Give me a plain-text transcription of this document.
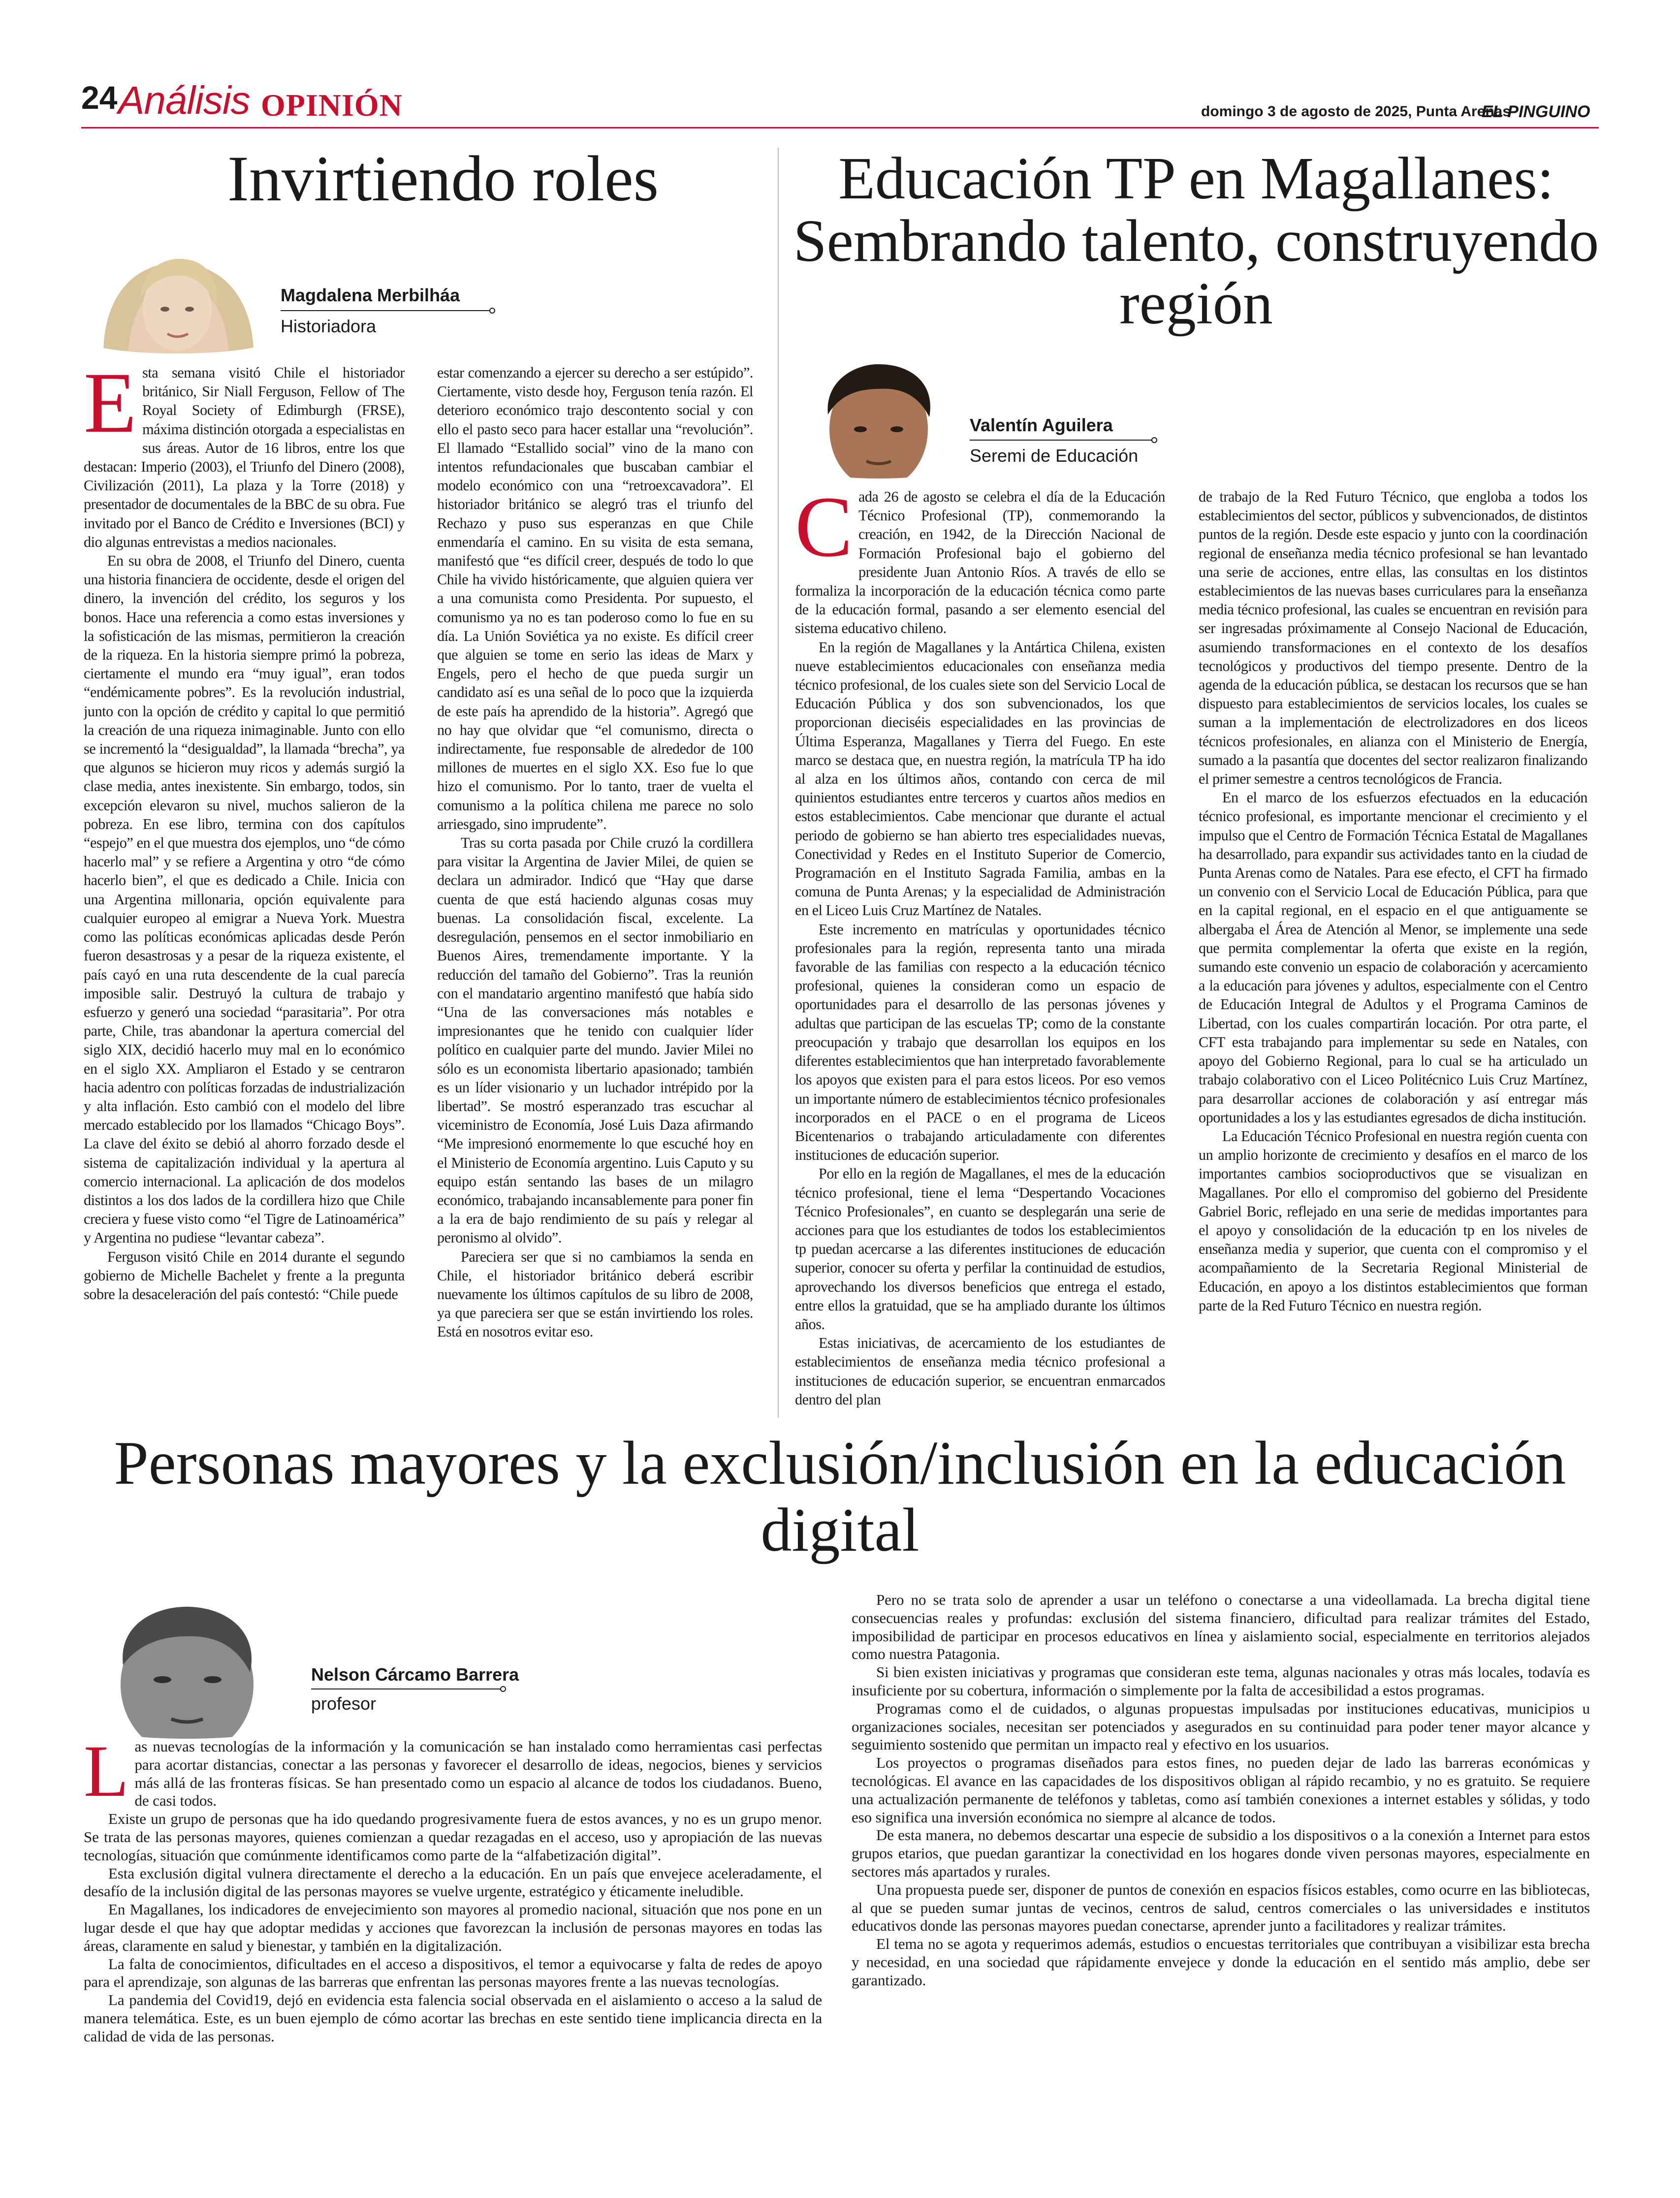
24 Análisis OPINIÓN	domingo 3 de agosto de 2025, Punta Arenas
EL PINGUINO
Invirtiendo roles
Magdalena Merbilháa
Historiadora

Esta semana visitó Chile el historiador británico, Sir Niall Ferguson, Fellow of The Royal Society of Edimburgh (FRSE), máxima distinción otorgada a especialistas en sus áreas. Autor de 16 libros, entre los que destacan: Imperio (2003), el Triunfo del Dinero (2008), Civilización (2011), La plaza y la Torre (2018) y presentador de documentales de la BBC de su obra. Fue invitado por el Banco de Crédito e Inversiones (BCI) y dio algunas entrevistas a medios nacionales.

En su obra de 2008, el Triunfo del Dinero, cuenta una historia financiera de occidente, desde el origen del dinero, la invención del crédito, los seguros y los bonos. Hace una referencia a como estas inversiones y la sofisticación de las mismas, permitieron la creación de la riqueza. En la historia siempre primó la pobreza, ciertamente el mundo era “muy igual”, eran todos “endémicamente pobres”. Es la revolución industrial, junto con la opción de crédito y capital lo que permitió la creación de una riqueza inimaginable. Junto con ello se incrementó la “desigualdad”, la llamada “brecha”, ya que algunos se hicieron muy ricos y además surgió la clase media, antes inexistente. Sin embargo, todos, sin excepción elevaron su nivel, muchos salieron de la pobreza. En ese libro, termina con dos capítulos “espejo” en el que muestra dos ejemplos, uno “de cómo hacerlo mal” y se refiere a Argentina y otro “de cómo hacerlo bien”, el que es dedicado a Chile. Inicia con una Argentina millonaria, opción equivalente para cualquier europeo al emigrar a Nueva York. Muestra como las políticas económicas aplicadas desde Perón fueron desastrosas y a pesar de la riqueza existente, el país cayó en una ruta descendente de la cual parecía imposible salir. Destruyó la cultura de trabajo y esfuerzo y generó una sociedad “parasitaria”. Por otra parte, Chile, tras abandonar la apertura comercial del siglo XIX, decidió hacerlo muy mal en lo económico en el siglo XX. Ampliaron el Estado y se centraron hacia adentro con políticas forzadas de industrialización y alta inflación. Esto cambió con el modelo del libre mercado establecido por los llamados “Chicago Boys”. La clave del éxito se debió al ahorro forzado desde el sistema de capitalización individual y la apertura al comercio internacional. La aplicación de dos modelos distintos a los dos lados de la cordillera hizo que Chile creciera y fuese visto como “el Tigre de Latinoamérica” y Argentina no pudiese “levantar cabeza”.

Ferguson visitó Chile en 2014 durante el segundo gobierno de Michelle Bachelet y frente a la pregunta sobre la desaceleración del país contestó: “Chile puede

estar comenzando a ejercer su derecho a ser estúpido”. Ciertamente, visto desde hoy, Ferguson tenía razón. El deterioro económico trajo descontento social y con ello el pasto seco para hacer estallar una “revolución”. El llamado “Estallido social” vino de la mano con intentos refundacionales que buscaban cambiar el modelo económico con una “retroexcavadora”. El historiador británico se alegró tras el triunfo del Rechazo y puso sus esperanzas en que Chile enmendaría el camino. En su visita de esta semana, manifestó que “es difícil creer, después de todo lo que Chile ha vivido históricamente, que alguien quiera ver a una comunista como Presidenta. Por supuesto, el comunismo ya no es tan poderoso como lo fue en su día. La Unión Soviética ya no existe. Es difícil creer que alguien se tome en serio las ideas de Marx y Engels, pero el hecho de que pueda surgir un candidato así es una señal de lo poco que la izquierda de este país ha aprendido de la historia”. Agregó que no hay que olvidar que “el comunismo, directa o indirectamente, fue responsable de alrededor de 100 millones de muertes en el siglo XX. Eso fue lo que hizo el comunismo. Por lo tanto, traer de vuelta el comunismo a la política chilena me parece no solo arriesgado, sino imprudente”.

Tras su corta pasada por Chile cruzó la cordillera para visitar la Argentina de Javier Milei, de quien se declara un admirador. Indicó que “Hay que darse cuenta de que está haciendo algunas cosas muy buenas. La consolidación fiscal, excelente. La desregulación, pensemos en el sector inmobiliario en Buenos Aires, tremendamente importante. Y la reducción del tamaño del Gobierno”. Tras la reunión con el mandatario argentino manifestó que había sido “Una de las conversaciones más notables e impresionantes que he tenido con cualquier líder político en cualquier parte del mundo. Javier Milei no sólo es un economista libertario apasionado; también es un líder visionario y un luchador intrépido por la libertad”. Se mostró esperanzado tras escuchar al viceministro de Economía, José Luis Daza afirmando “Me impresionó enormemente lo que escuché hoy en el Ministerio de Economía argentino. Luis Caputo y su equipo están sentando las bases de un milagro económico, trabajando incansablemente para poner fin a la era de bajo rendimiento de su país y relegar al peronismo al olvido”.

Pareciera ser que si no cambiamos la senda en Chile, el historiador británico deberá escribir nuevamente los últimos capítulos de su libro de 2008, ya que pareciera ser que se están invirtiendo los roles. Está en nosotros evitar eso.

Educación TP en Magallanes: Sembrando talento, construyendo región
Valentín Aguilera
Seremi de Educación

Cada 26 de agosto se celebra el día de la Educación Técnico Profesional (TP), conmemorando la creación, en 1942, de la Dirección Nacional de Formación Profesional bajo el gobierno del presidente Juan Antonio Ríos. A través de ello se formaliza la incorporación de la educación técnica como parte de la educación formal, pasando a ser elemento esencial del sistema educativo chileno.

En la región de Magallanes y la Antártica Chilena, existen nueve establecimientos educacionales con enseñanza media técnico profesional, de los cuales siete son del Servicio Local de Educación Pública y dos son subvencionados, los que proporcionan dieciséis especialidades en las provincias de Última Esperanza, Magallanes y Tierra del Fuego. En este marco se destaca que, en nuestra región, la matrícula TP ha ido al alza en los últimos años, contando con cerca de mil quinientos estudiantes entre terceros y cuartos años medios en estos establecimientos. Cabe mencionar que durante el actual periodo de gobierno se han abierto tres especialidades nuevas, Conectividad y Redes en el Instituto Superior de Comercio, Programación en el Instituto Sagrada Familia, ambas en la comuna de Punta Arenas; y la especialidad de Administración en el Liceo Luis Cruz Martínez de Natales.

Este incremento en matrículas y oportunidades técnico profesionales para la región, representa tanto una mirada favorable de las familias con respecto a la educación técnico profesional, quienes la consideran como un espacio de oportunidades para el desarrollo de las personas jóvenes y adultas que participan de las escuelas TP; como de la constante preocupación y trabajo que desarrollan los equipos en los diferentes establecimientos que han interpretado favorablemente los apoyos que existen para el para estos liceos. Por eso vemos un importante número de establecimientos técnico profesionales incorporados en el PACE o en el programa de Liceos Bicentenarios o trabajando articuladamente con diferentes instituciones de educación superior.

Por ello en la región de Magallanes, el mes de la educación técnico profesional, tiene el lema “Despertando Vocaciones Técnico Profesionales”, en cuanto se desplegarán una serie de acciones para que los estudiantes de todos los establecimientos tp puedan acercarse a las diferentes instituciones de educación superior, conocer su oferta y perfilar la continuidad de estudios, aprovechando los diversos beneficios que entrega el estado, entre ellos la gratuidad, que se ha ampliado durante los últimos años.

Estas iniciativas, de acercamiento de los estudiantes de establecimientos de enseñanza media técnico profesional a instituciones de educación superior, se encuentran enmarcados dentro del plan

de trabajo de la Red Futuro Técnico, que engloba a todos los establecimientos del sector, públicos y subvencionados, de distintos puntos de la región. Desde este espacio y junto con la coordinación regional de enseñanza media técnico profesional se han levantado una serie de acciones, entre ellas, las consultas en los distintos establecimientos de las nuevas bases curriculares para la enseñanza media técnico profesional, las cuales se encuentran en revisión para ser ingresadas próximamente al Consejo Nacional de Educación, asumiendo transformaciones en el contexto de los desafíos tecnológicos y productivos del tiempo presente. Dentro de la agenda de la educación pública, se destacan los recursos que se han dispuesto para establecimientos de servicios locales, los cuales se suman a la implementación de electrolizadores en dos liceos técnicos profesionales, en alianza con el Ministerio de Energía, sumado a la pasantía que docentes del sector realizaron finalizando el primer semestre a centros tecnológicos de Francia.

En el marco de los esfuerzos efectuados en la educación técnico profesional, es importante mencionar el crecimiento y el impulso que el Centro de Formación Técnica Estatal de Magallanes ha desarrollado, para expandir sus actividades tanto en la ciudad de Punta Arenas como de Natales. Para ese efecto, el CFT ha firmado un convenio con el Servicio Local de Educación Pública, para que en la capital regional, en el espacio en el que antiguamente se albergaba el Área de Atención al Menor, se implemente una sede que permita complementar la oferta que existe en la región, sumando este convenio un espacio de colaboración y acercamiento a la educación para jóvenes y adultos, especialmente con el Centro de Educación Integral de Adultos y el Programa Caminos de Libertad, con los cuales compartirán locación. Por otra parte, el CFT esta trabajando para implementar su sede en Natales, con apoyo del Gobierno Regional, para lo cual se ha articulado un trabajo colaborativo con el Liceo Politécnico Luis Cruz Martínez, para desarrollar acciones de colaboración y así entregar más oportunidades a los y las estudiantes egresados de dicha institución.

La Educación Técnico Profesional en nuestra región cuenta con un amplio horizonte de crecimiento y desafíos en el marco de los importantes cambios socioproductivos que se visualizan en Magallanes. Por ello el compromiso del gobierno del Presidente Gabriel Boric, reflejado en una serie de medidas importantes para el apoyo y consolidación de la educación tp en los niveles de enseñanza media y superior, que cuenta con el compromiso y el acompañamiento de la Secretaria Regional Ministerial de Educación, en apoyo a los distintos establecimientos que forman parte de la Red Futuro Técnico en nuestra región.

Personas mayores y la exclusión/inclusión en la educación digital
Nelson Cárcamo Barrera
profesor

Las nuevas tecnologías de la información y la comunicación se han instalado como herramientas casi perfectas para acortar distancias, conectar a las personas y favorecer el desarrollo de ideas, negocios, bienes y servicios más allá de las fronteras físicas. Se han presentado como un espacio al alcance de todos los ciudadanos. Bueno, de casi todos.

Existe un grupo de personas que ha ido quedando progresivamente fuera de estos avances, y no es un grupo menor. Se trata de las personas mayores, quienes comienzan a quedar rezagadas en el acceso, uso y apropiación de las nuevas tecnologías, situación que comúnmente identificamos como parte de la “alfabetización digital”.

Esta exclusión digital vulnera directamente el derecho a la educación. En un país que envejece aceleradamente, el desafío de la inclusión digital de las personas mayores se vuelve urgente, estratégico y éticamente ineludible.

En Magallanes, los indicadores de envejecimiento son mayores al promedio nacional, situación que nos pone en un lugar desde el que hay que adoptar medidas y acciones que favorezcan la inclusión de personas mayores en todas las áreas, claramente en salud y bienestar, y también en la digitalización.

La falta de conocimientos, dificultades en el acceso a dispositivos, el temor a equivocarse y falta de redes de apoyo para el aprendizaje, son algunas de las barreras que enfrentan las personas mayores frente a las nuevas tecnologías.

La pandemia del Covid19, dejó en evidencia esta falencia social observada en el aislamiento o acceso a la salud de manera telemática. Este, es un buen ejemplo de cómo acortar las brechas en este sentido tiene implicancia directa en la calidad de vida de las personas.

Pero no se trata solo de aprender a usar un teléfono o conectarse a una videollamada. La brecha digital tiene consecuencias reales y profundas: exclusión del sistema financiero, dificultad para realizar trámites del Estado, imposibilidad de participar en procesos educativos en línea y aislamiento social, especialmente en territorios alejados como nuestra Patagonia.

Si bien existen iniciativas y programas que consideran este tema, algunas nacionales y otras más locales, todavía es insuficiente por su cobertura, información o simplemente por la falta de accesibilidad a estos programas.

Programas como el de cuidados, o algunas propuestas impulsadas por instituciones educativas, municipios u organizaciones sociales, necesitan ser potenciados y asegurados en su continuidad para poder tener mayor alcance y seguimiento sostenido que permitan un impacto real y efectivo en los usuarios.

Los proyectos o programas diseñados para estos fines, no pueden dejar de lado las barreras económicas y tecnológicas. El avance en las capacidades de los dispositivos obligan al rápido recambio, y no es gratuito. Se requiere una actualización permanente de teléfonos y tabletas, como así también conexiones a internet estables y sólidas, y todo eso significa una inversión económica no siempre al alcance de todos.

De esta manera, no debemos descartar una especie de subsidio a los dispositivos o a la conexión a Internet para estos grupos etarios, que puedan garantizar la conectividad en los hogares donde viven personas mayores, especialmente en sectores más apartados y rurales.

Una propuesta puede ser, disponer de puntos de conexión en espacios físicos estables, como ocurre en las bibliotecas, al que se pueden sumar juntas de vecinos, centros de salud, centros comerciales o las universidades e institutos educativos donde las personas mayores puedan conectarse, aprender junto a facilitadores y realizar trámites.

El tema no se agota y requerimos además, estudios o encuestas territoriales que contribuyan a visibilizar esta brecha y necesidad, en una sociedad que rápidamente envejece y donde la educación en el sentido más amplio, debe ser garantizado.
